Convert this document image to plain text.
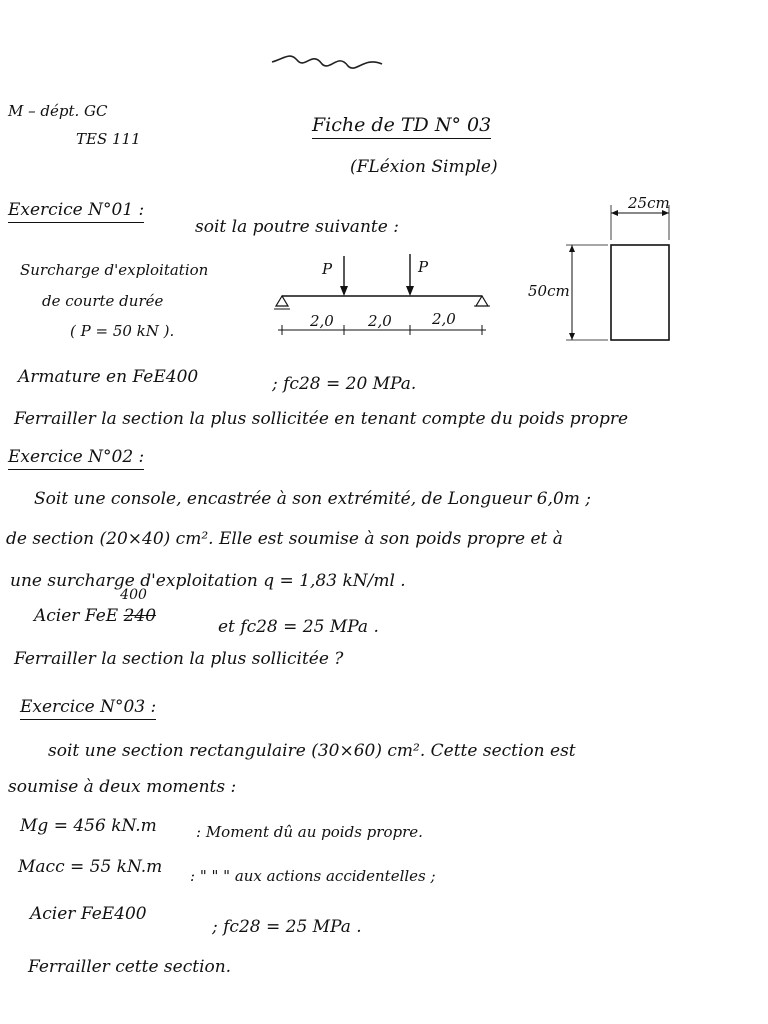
M – dépt. GC
TES 111
Fiche de TD N° 03
(FLéxion Simple)
Exercice N°01 :
soit la poutre suivante :
Surcharge d'exploitation
de courte durée
( P = 50 kN ).
P	P
2,0 2,0	2,0
25cm
50cm
Armature en FeE400	; fc28 = 20 MPa.
Ferrailler la section la plus sollicitée en tenant compte du poids propre
Exercice N°02 :
Soit une console, encastrée à son extrémité, de Longueur 6,0m ;
de section (20×40) cm². Elle est soumise à son poids propre et à
une surcharge d'exploitation q = 1,83 kN/ml .
Acier FeE 240
400
et fc28 = 25 MPa .
Ferrailler la section la plus sollicitée ?
Exercice N°03 :
soit une section rectangulaire (30×60) cm². Cette section est
soumise à deux moments :
Mg = 456 kN.m	: Moment dû au poids propre.
Macc = 55 kN.m : " " " aux actions accidentelles ;
Acier FeE400
; fc28 = 25 MPa .
Ferrailler cette section.
